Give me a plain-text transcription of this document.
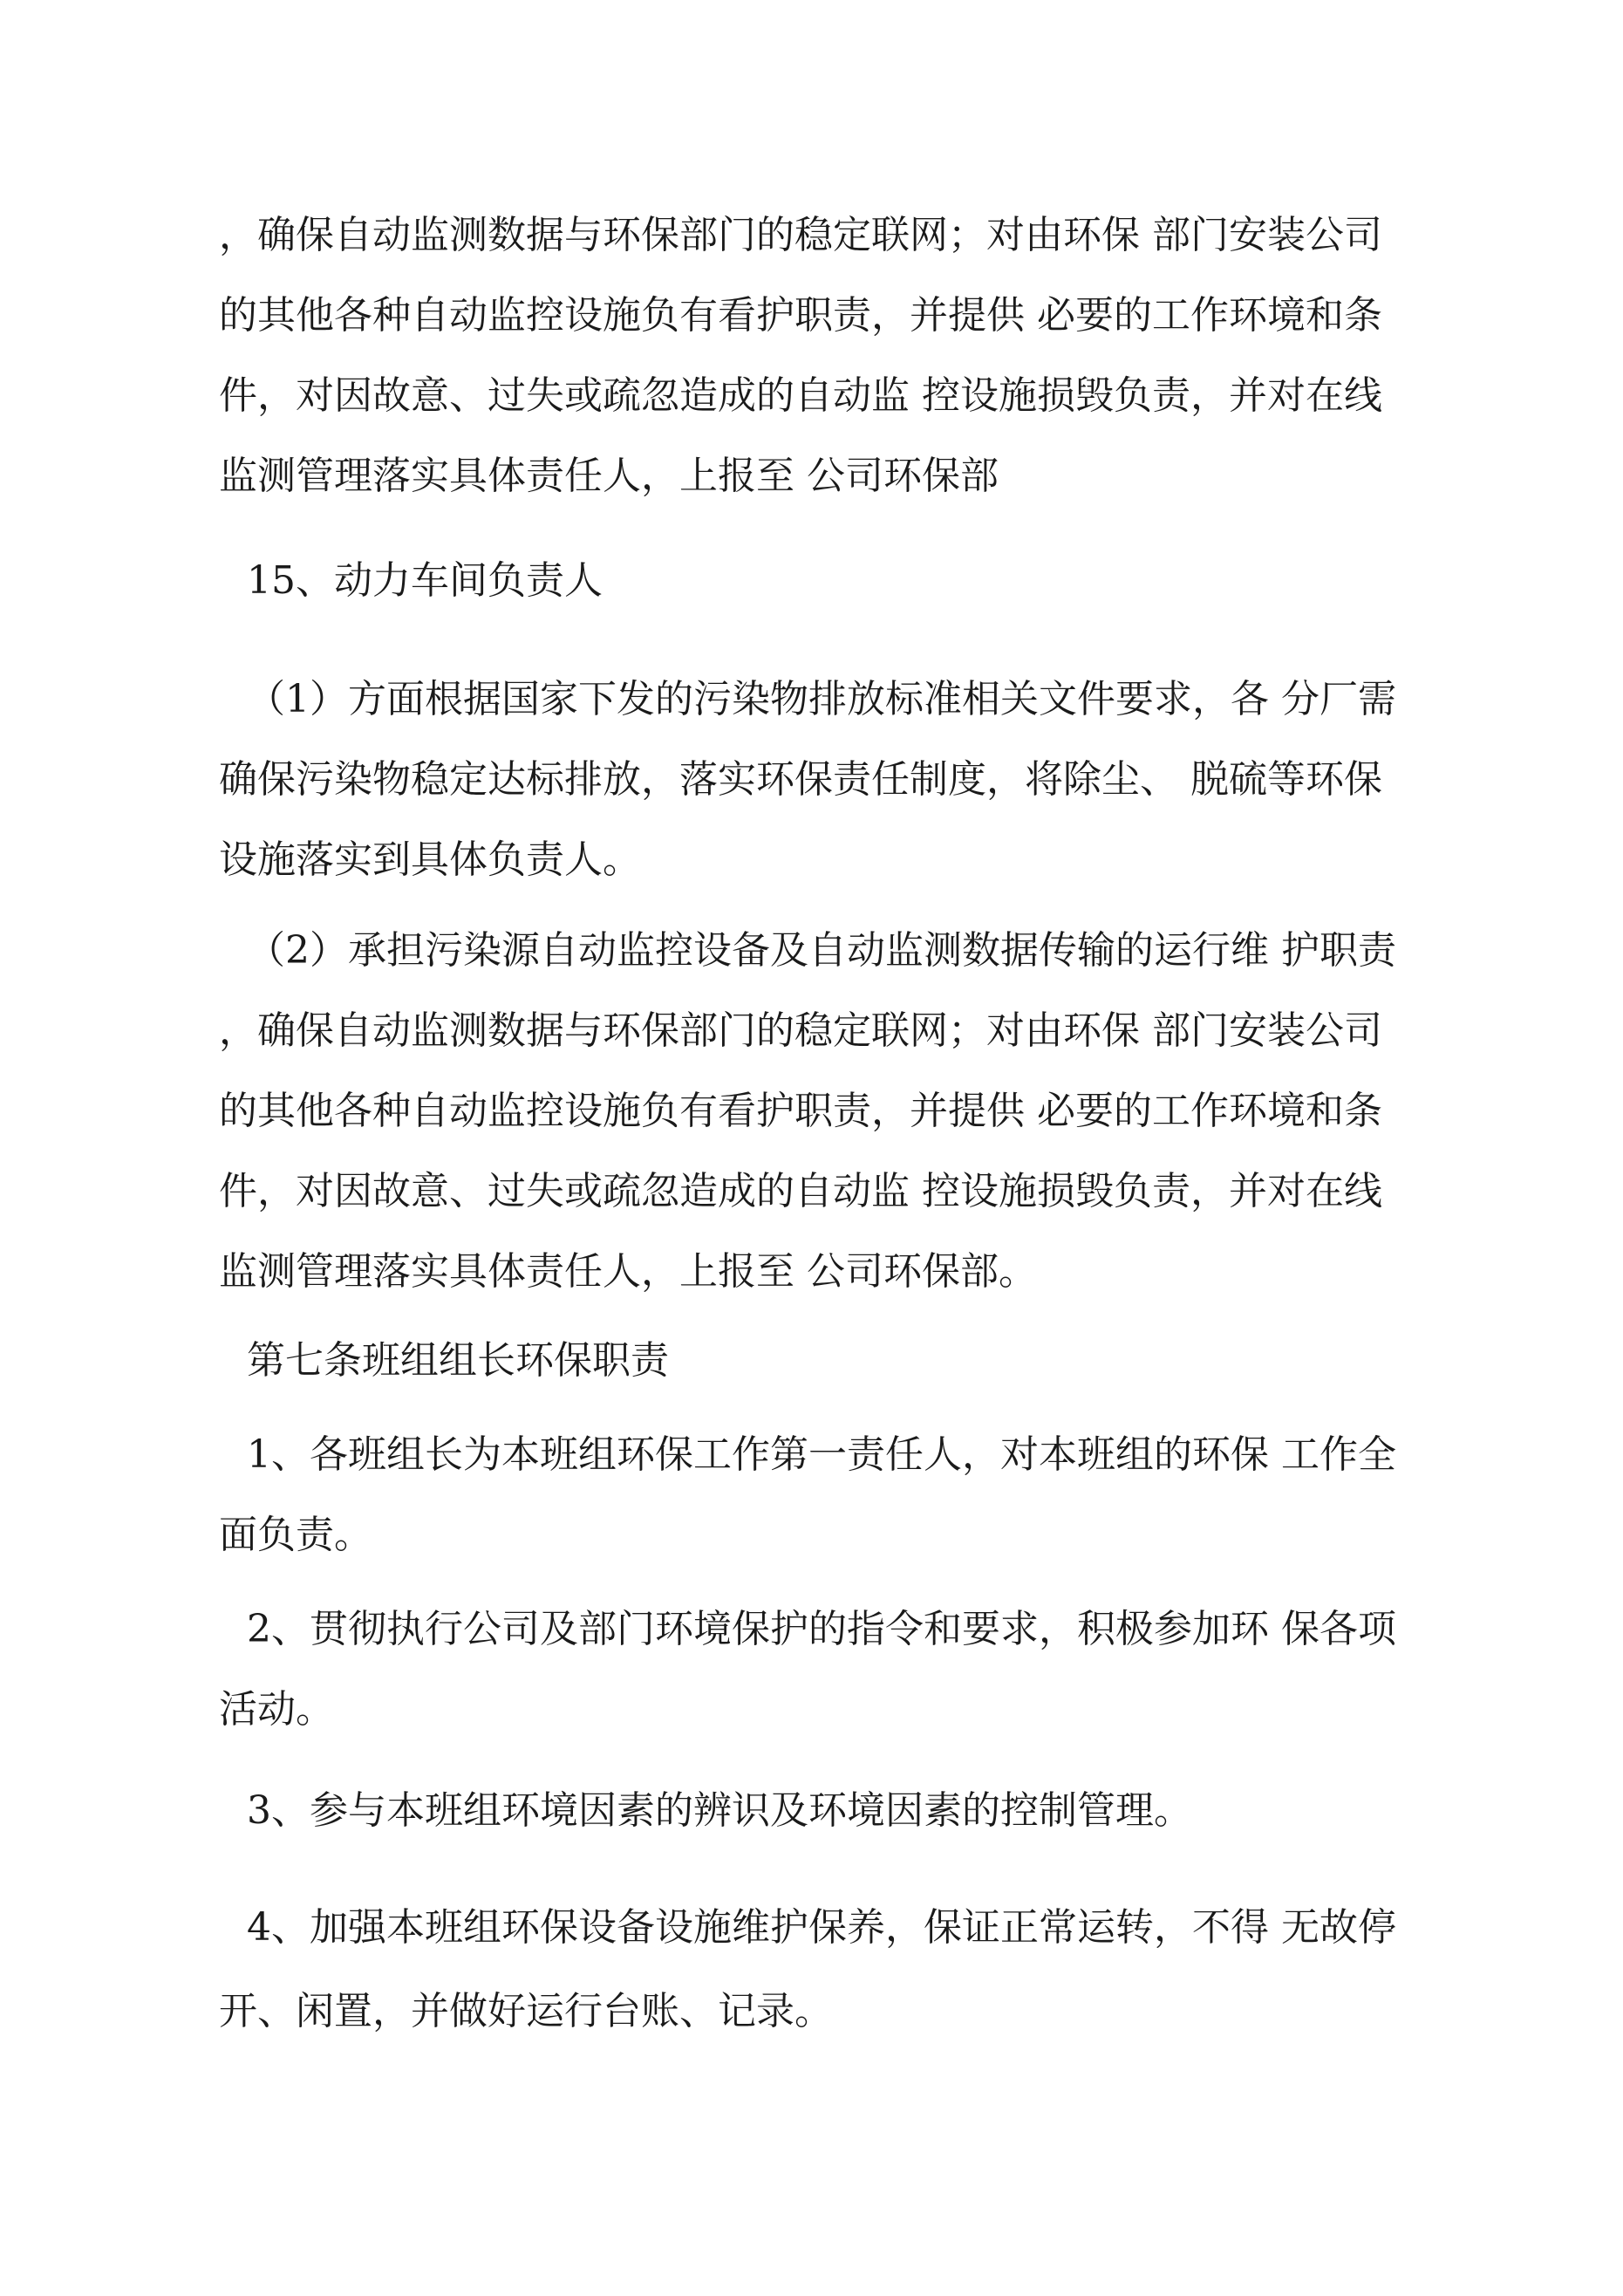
，确保自动监测数据与环保部门的稳定联网；对由环保 部门安装公司

的其他各种自动监控设施负有看护职责，并提供 必要的工作环境和条

件，对因故意、过失或疏忽造成的自动监 控设施损毁负责，并对在线

监测管理落实具体责任人，上报至 公司环保部

15、动力车间负责人

（1）方面根据国家下发的污染物排放标准相关文件要求，各 分厂需

确保污染物稳定达标排放，落实环保责任制度，将除尘、 脱硫等环保

设施落实到具体负责人。

（2）承担污染源自动监控设备及自动监测数据传输的运行维 护职责

，确保自动监测数据与环保部门的稳定联网；对由环保 部门安装公司

的其他各种自动监控设施负有看护职责，并提供 必要的工作环境和条

件，对因故意、过失或疏忽造成的自动监 控设施损毁负责，并对在线

监测管理落实具体责任人，上报至 公司环保部。

第七条班组组长环保职责

1、各班组长为本班组环保工作第一责任人，对本班组的环保 工作全

面负责。

2、贯彻执行公司及部门环境保护的指令和要求，积极参加环 保各项

活动。

3、参与本班组环境因素的辨识及环境因素的控制管理。

4、加强本班组环保设备设施维护保养，保证正常运转，不得 无故停

开、闲置，并做好运行台账、记录。
